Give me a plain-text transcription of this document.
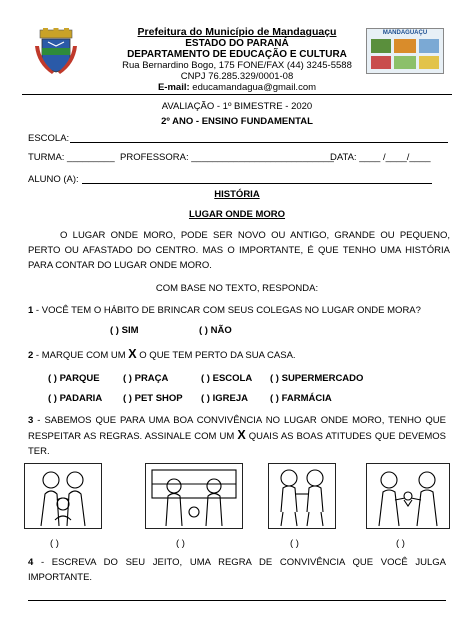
Prefeitura do Município de Mandaguaçu
ESTADO DO PARANÁ
DEPARTAMENTO DE EDUCAÇÃO E CULTURA
Rua Bernardino Bogo, 175 FONE/FAX (44) 3245-5588
CNPJ 76.285.329/0001-08
E-mail: educamandagua@gmail.com
MANDAGUAÇU
AVALIAÇÃO - 1º BIMESTRE - 2020
2º ANO - ENSINO FUNDAMENTAL
ESCOLA:
TURMA: _________ PROFESSORA: ___________________________
DATA: ____ /____/____
ALUNO (A):
HISTÓRIA
LUGAR ONDE MORO
O LUGAR ONDE MORO, PODE SER NOVO OU ANTIGO, GRANDE OU PEQUENO, PERTO OU AFASTADO DO CENTRO. MAS O IMPORTANTE, É QUE TENHO UMA HISTÓRIA PARA CONTAR DO LUGAR ONDE MORO.
COM BASE NO TEXTO, RESPONDA:
1 - VOCÊ TEM O HÁBITO DE BRINCAR COM SEUS COLEGAS NO LUGAR ONDE MORA?
( ) SIM	( ) NÃO
2 - MARQUE COM UM X O QUE TEM PERTO DA SUA CASA.
( ) PARQUE ( ) PRAÇA	( ) ESCOLA ( ) SUPERMERCADO
( ) PADARIA ( ) PET SHOP ( ) IGREJA ( ) FARMÁCIA
3 - SABEMOS QUE PARA UMA BOA CONVIVÊNCIA NO LUGAR ONDE MORO, TENHO QUE RESPEITAR AS REGRAS. ASSINALE COM UM X QUAIS AS BOAS ATITUDES QUE DEVEMOS TER.
( )	( )	( )	( )
4 - ESCREVA DO SEU JEITO, UMA REGRA DE CONVIVÊNCIA QUE VOCÊ JULGA IMPORTANTE.
